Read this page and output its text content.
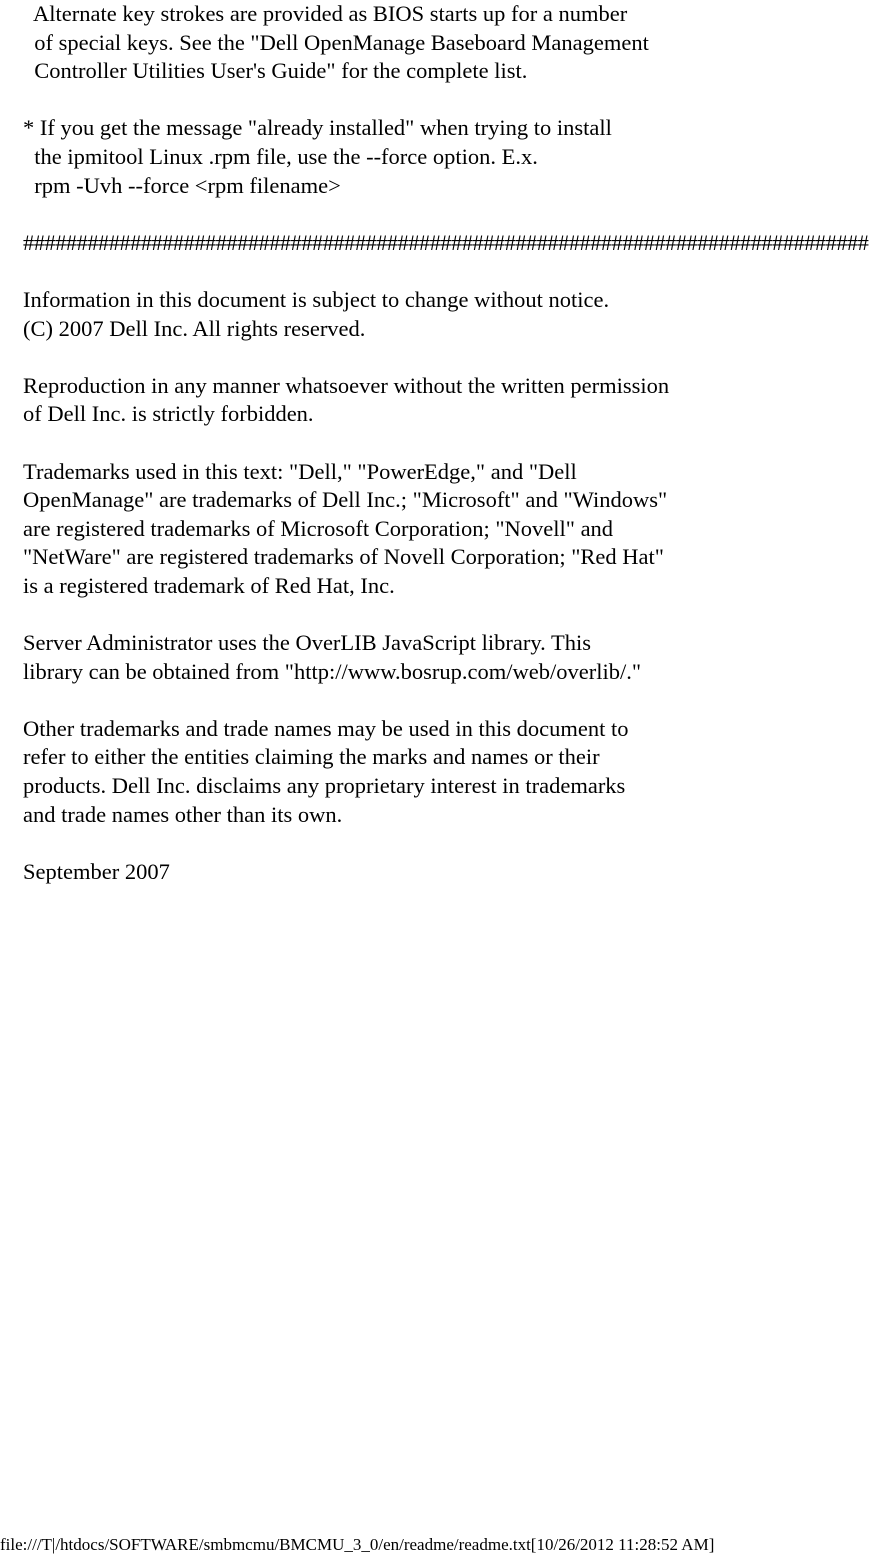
Alternate key strokes are provided as BIOS starts up for a number
of special keys. See the "Dell OpenManage Baseboard Management
Controller Utilities User's Guide" for the complete list.
* If you get the message "already installed" when trying to install
the ipmitool Linux .rpm file, use the --force option. E.x.
rpm -Uvh --force <rpm filename>
###############################################################################
Information in this document is subject to change without notice.
(C) 2007 Dell Inc. All rights reserved.
Reproduction in any manner whatsoever without the written permission
of Dell Inc. is strictly forbidden.
Trademarks used in this text: "Dell," "PowerEdge," and "Dell
OpenManage" are trademarks of Dell Inc.; "Microsoft" and "Windows"
are registered trademarks of Microsoft Corporation; "Novell" and
"NetWare" are registered trademarks of Novell Corporation; "Red Hat"
is a registered trademark of Red Hat, Inc.
Server Administrator uses the OverLIB JavaScript library. This
library can be obtained from "http://www.bosrup.com/web/overlib/."
Other trademarks and trade names may be used in this document to
refer to either the entities claiming the marks and names or their
products. Dell Inc. disclaims any proprietary interest in trademarks
and trade names other than its own.
September 2007
file:///T|/htdocs/SOFTWARE/smbmcmu/BMCMU_3_0/en/readme/readme.txt[10/26/2012 11:28:52 AM]
